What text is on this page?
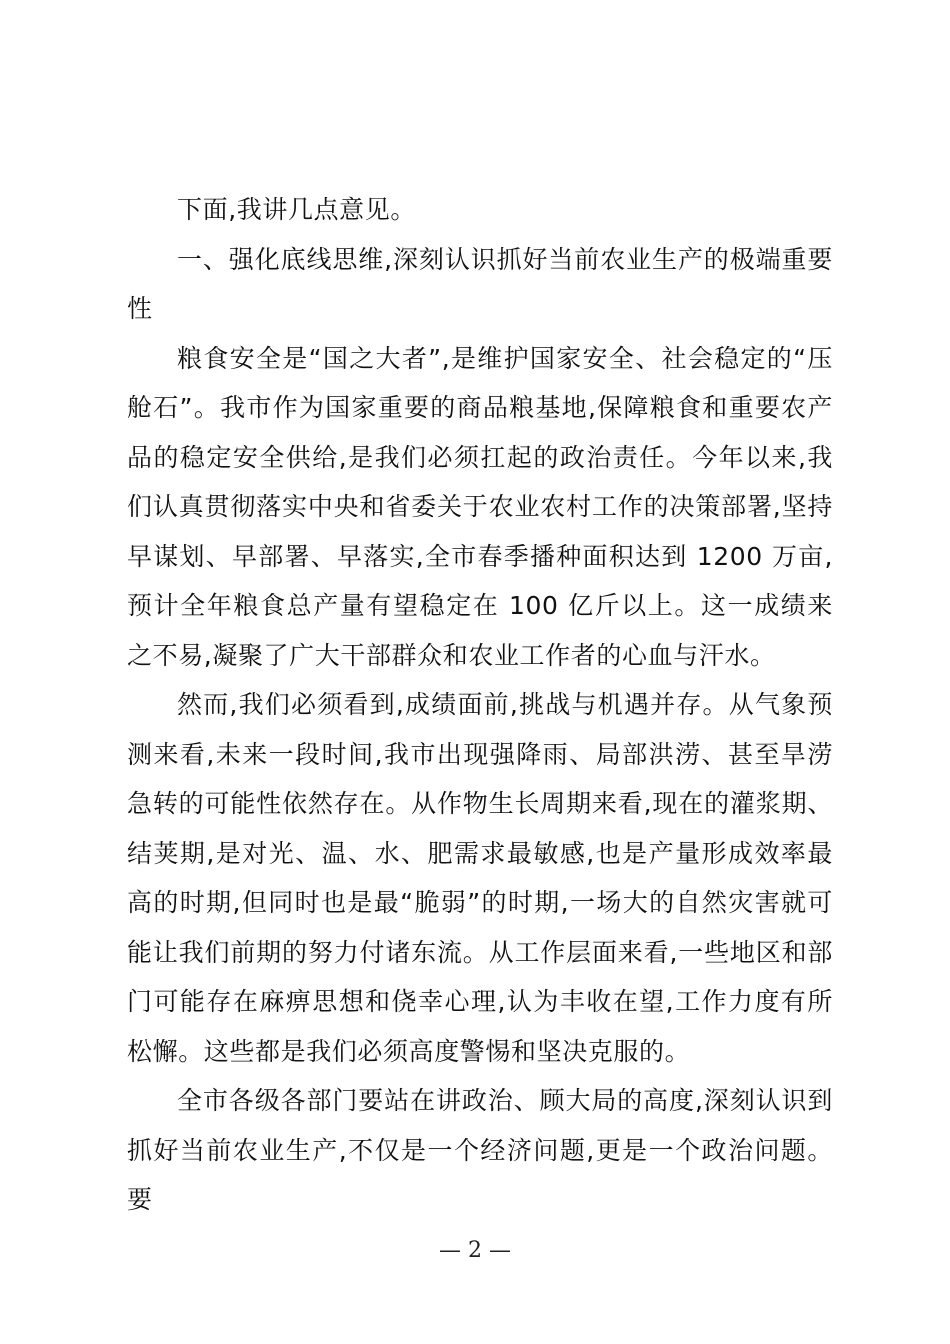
下面,我讲几点意见。

一、强化底线思维,深刻认识抓好当前农业生产的极端重要性

粮食安全是“国之大者”,是维护国家安全、社会稳定的“压舱石”。我市作为国家重要的商品粮基地,保障粮食和重要农产品的稳定安全供给,是我们必须扛起的政治责任。今年以来,我们认真贯彻落实中央和省委关于农业农村工作的决策部署,坚持早谋划、早部署、早落实,全市春季播种面积达到 1200 万亩,预计全年粮食总产量有望稳定在 100 亿斤以上。这一成绩来之不易,凝聚了广大干部群众和农业工作者的心血与汗水。

然而,我们必须看到,成绩面前,挑战与机遇并存。从气象预测来看,未来一段时间,我市出现强降雨、局部洪涝、甚至旱涝急转的可能性依然存在。从作物生长周期来看,现在的灌浆期、结荚期,是对光、温、水、肥需求最敏感,也是产量形成效率最高的时期,但同时也是最“脆弱”的时期,一场大的自然灾害就可能让我们前期的努力付诸东流。从工作层面来看,一些地区和部门可能存在麻痹思想和侥幸心理,认为丰收在望,工作力度有所松懈。这些都是我们必须高度警惕和坚决克服的。

全市各级各部门要站在讲政治、顾大局的高度,深刻认识到抓好当前农业生产,不仅是一个经济问题,更是一个政治问题。要

— 2 —
